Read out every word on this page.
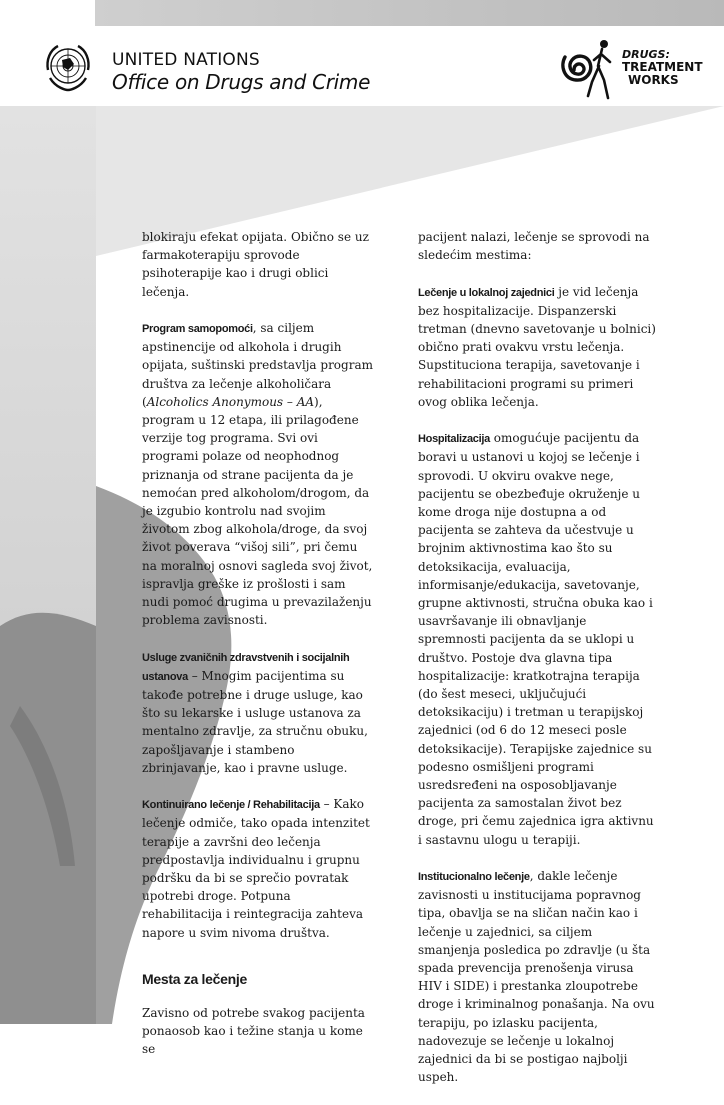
UNITED NATIONS
Office on Drugs and Crime
DRUGS:
TREATMENT
WORKS

blokiraju efekat opijata. Obično se uz farmakoterapiju sprovode psihoterapije kao i drugi oblici lečenja.

Program samopomoći, sa ciljem apstinencije od alkohola i drugih opijata, suštinski predstavlja program društva za lečenje alkoholičara (Alcoholics Anonymous – AA), program u 12 etapa, ili prilagođene verzije tog programa. Svi ovi programi polaze od neophodnog priznanja od strane pacijenta da je nemoćan pred alkoholom/drogom, da je izgubio kontrolu nad svojim životom zbog alkohola/droge, da svoj život poverava “višoj sili”, pri čemu na moralnoj osnovi sagleda svoj život, ispravlja greške iz prošlosti i sam nudi pomoć drugima u prevazilaženju problema zavisnosti.

Usluge zvaničnih zdravstvenih i socijalnih ustanova – Mnogim pacijentima su takođe potrebne i druge usluge, kao što su lekarske i usluge ustanova za mentalno zdravlje, za stručnu obuku, zapošljavanje i stambeno zbrinjavanje, kao i pravne usluge.

Kontinuirano lečenje / Rehabilitacija – Kako lečenje odmiče, tako opada intenzitet terapije a završni deo lečenja predpostavlja individualnu i grupnu podršku da bi se sprečio povratak upotrebi droge. Potpuna rehabilitacija i reintegracija zahteva napore u svim nivoma društva.

Mesta za lečenje

Zavisno od potrebe svakog pacijenta ponaosob kao i težine stanja u kome se

pacijent nalazi, lečenje se sprovodi na sledećim mestima:

Lečenje u lokalnoj zajednici je vid lečenja bez hospitalizacije. Dispanzerski tretman (dnevno savetovanje u bolnici) obično prati ovakvu vrstu lečenja. Supstituciona terapija, savetovanje i rehabilitacioni programi su primeri ovog oblika lečenja.

Hospitalizacija omogućuje pacijentu da boravi u ustanovi u kojoj se lečenje i sprovodi. U okviru ovakve nege, pacijentu se obezbeđuje okruženje u kome droga nije dostupna a od pacijenta se zahteva da učestvuje u brojnim aktivnostima kao što su detoksikacija, evaluacija, informisanje/edukacija, savetovanje, grupne aktivnosti, stručna obuka kao i usavršavanje ili obnavljanje spremnosti pacijenta da se uklopi u društvo. Postoje dva glavna tipa hospitalizacije: kratkotrajna terapija (do šest meseci, uključujući detoksikaciju) i tretman u terapijskoj zajednici (od 6 do 12 meseci posle detoksikacije). Terapijske zajednice su podesno osmišljeni programi usredsređeni na osposobljavanje pacijenta za samostalan život bez droge, pri čemu zajednica igra aktivnu i sastavnu ulogu u terapiji.

Institucionalno lečenje, dakle lečenje zavisnosti u institucijama popravnog tipa, obavlja se na sličan način kao i lečenje u zajednici, sa ciljem smanjenja posledica po zdravlje (u šta spada prevencija prenošenja virusa HIV i SIDE) i prestanka zloupotrebe droge i kriminalnog ponašanja. Na ovu terapiju, po izlasku pacijenta, nadovezuje se lečenje u lokalnoj zajednici da bi se postigao najbolji uspeh.
